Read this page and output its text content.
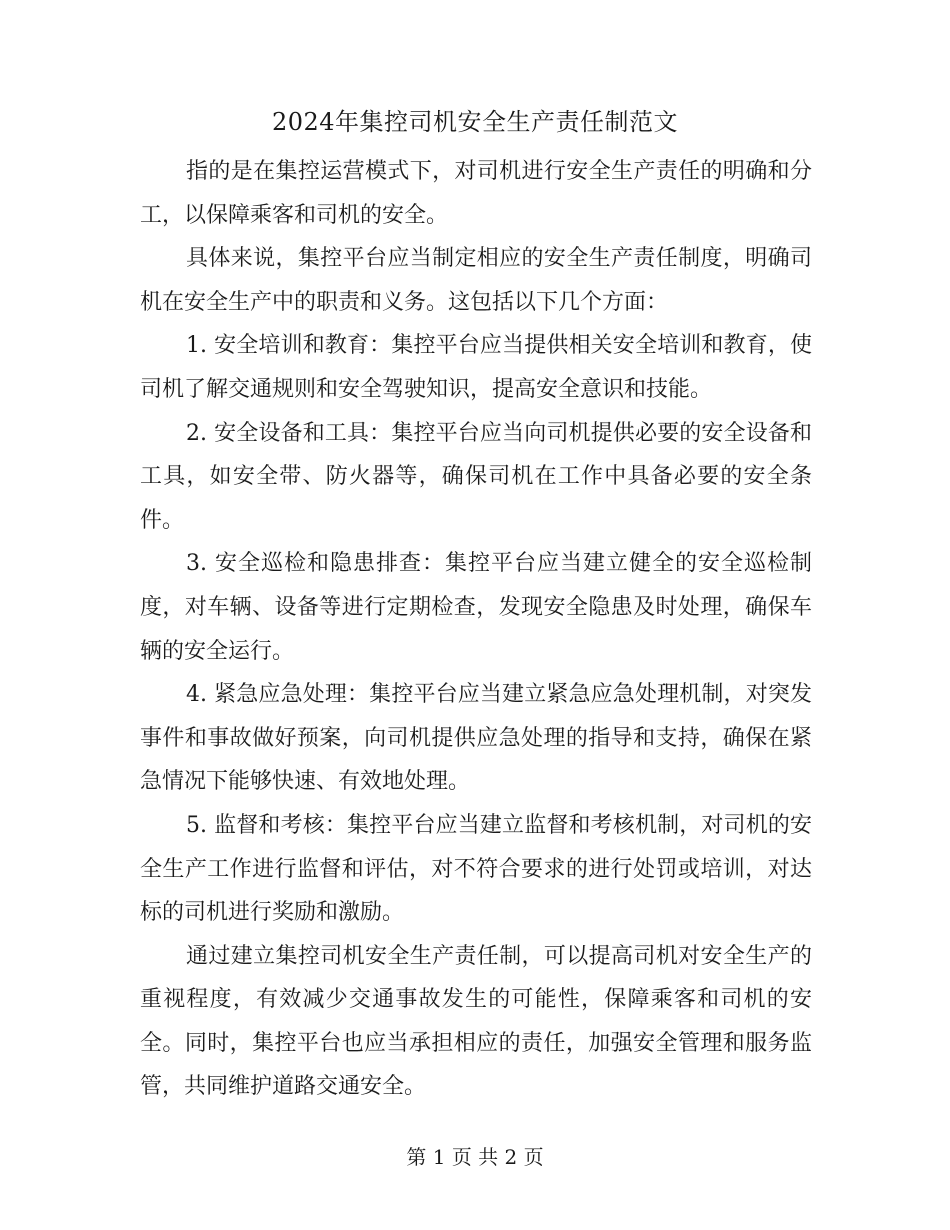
2024年集控司机安全生产责任制范文

指的是在集控运营模式下，对司机进行安全生产责任的明确和分工，以保障乘客和司机的安全。

具体来说，集控平台应当制定相应的安全生产责任制度，明确司机在安全生产中的职责和义务。这包括以下几个方面：

1. 安全培训和教育：集控平台应当提供相关安全培训和教育，使司机了解交通规则和安全驾驶知识，提高安全意识和技能。

2. 安全设备和工具：集控平台应当向司机提供必要的安全设备和工具，如安全带、防火器等，确保司机在工作中具备必要的安全条件。

3. 安全巡检和隐患排查：集控平台应当建立健全的安全巡检制度，对车辆、设备等进行定期检查，发现安全隐患及时处理，确保车辆的安全运行。

4. 紧急应急处理：集控平台应当建立紧急应急处理机制，对突发事件和事故做好预案，向司机提供应急处理的指导和支持，确保在紧急情况下能够快速、有效地处理。

5. 监督和考核：集控平台应当建立监督和考核机制，对司机的安全生产工作进行监督和评估，对不符合要求的进行处罚或培训，对达标的司机进行奖励和激励。

通过建立集控司机安全生产责任制，可以提高司机对安全生产的重视程度，有效减少交通事故发生的可能性，保障乘客和司机的安全。同时，集控平台也应当承担相应的责任，加强安全管理和服务监管，共同维护道路交通安全。

第 1 页 共 2 页
